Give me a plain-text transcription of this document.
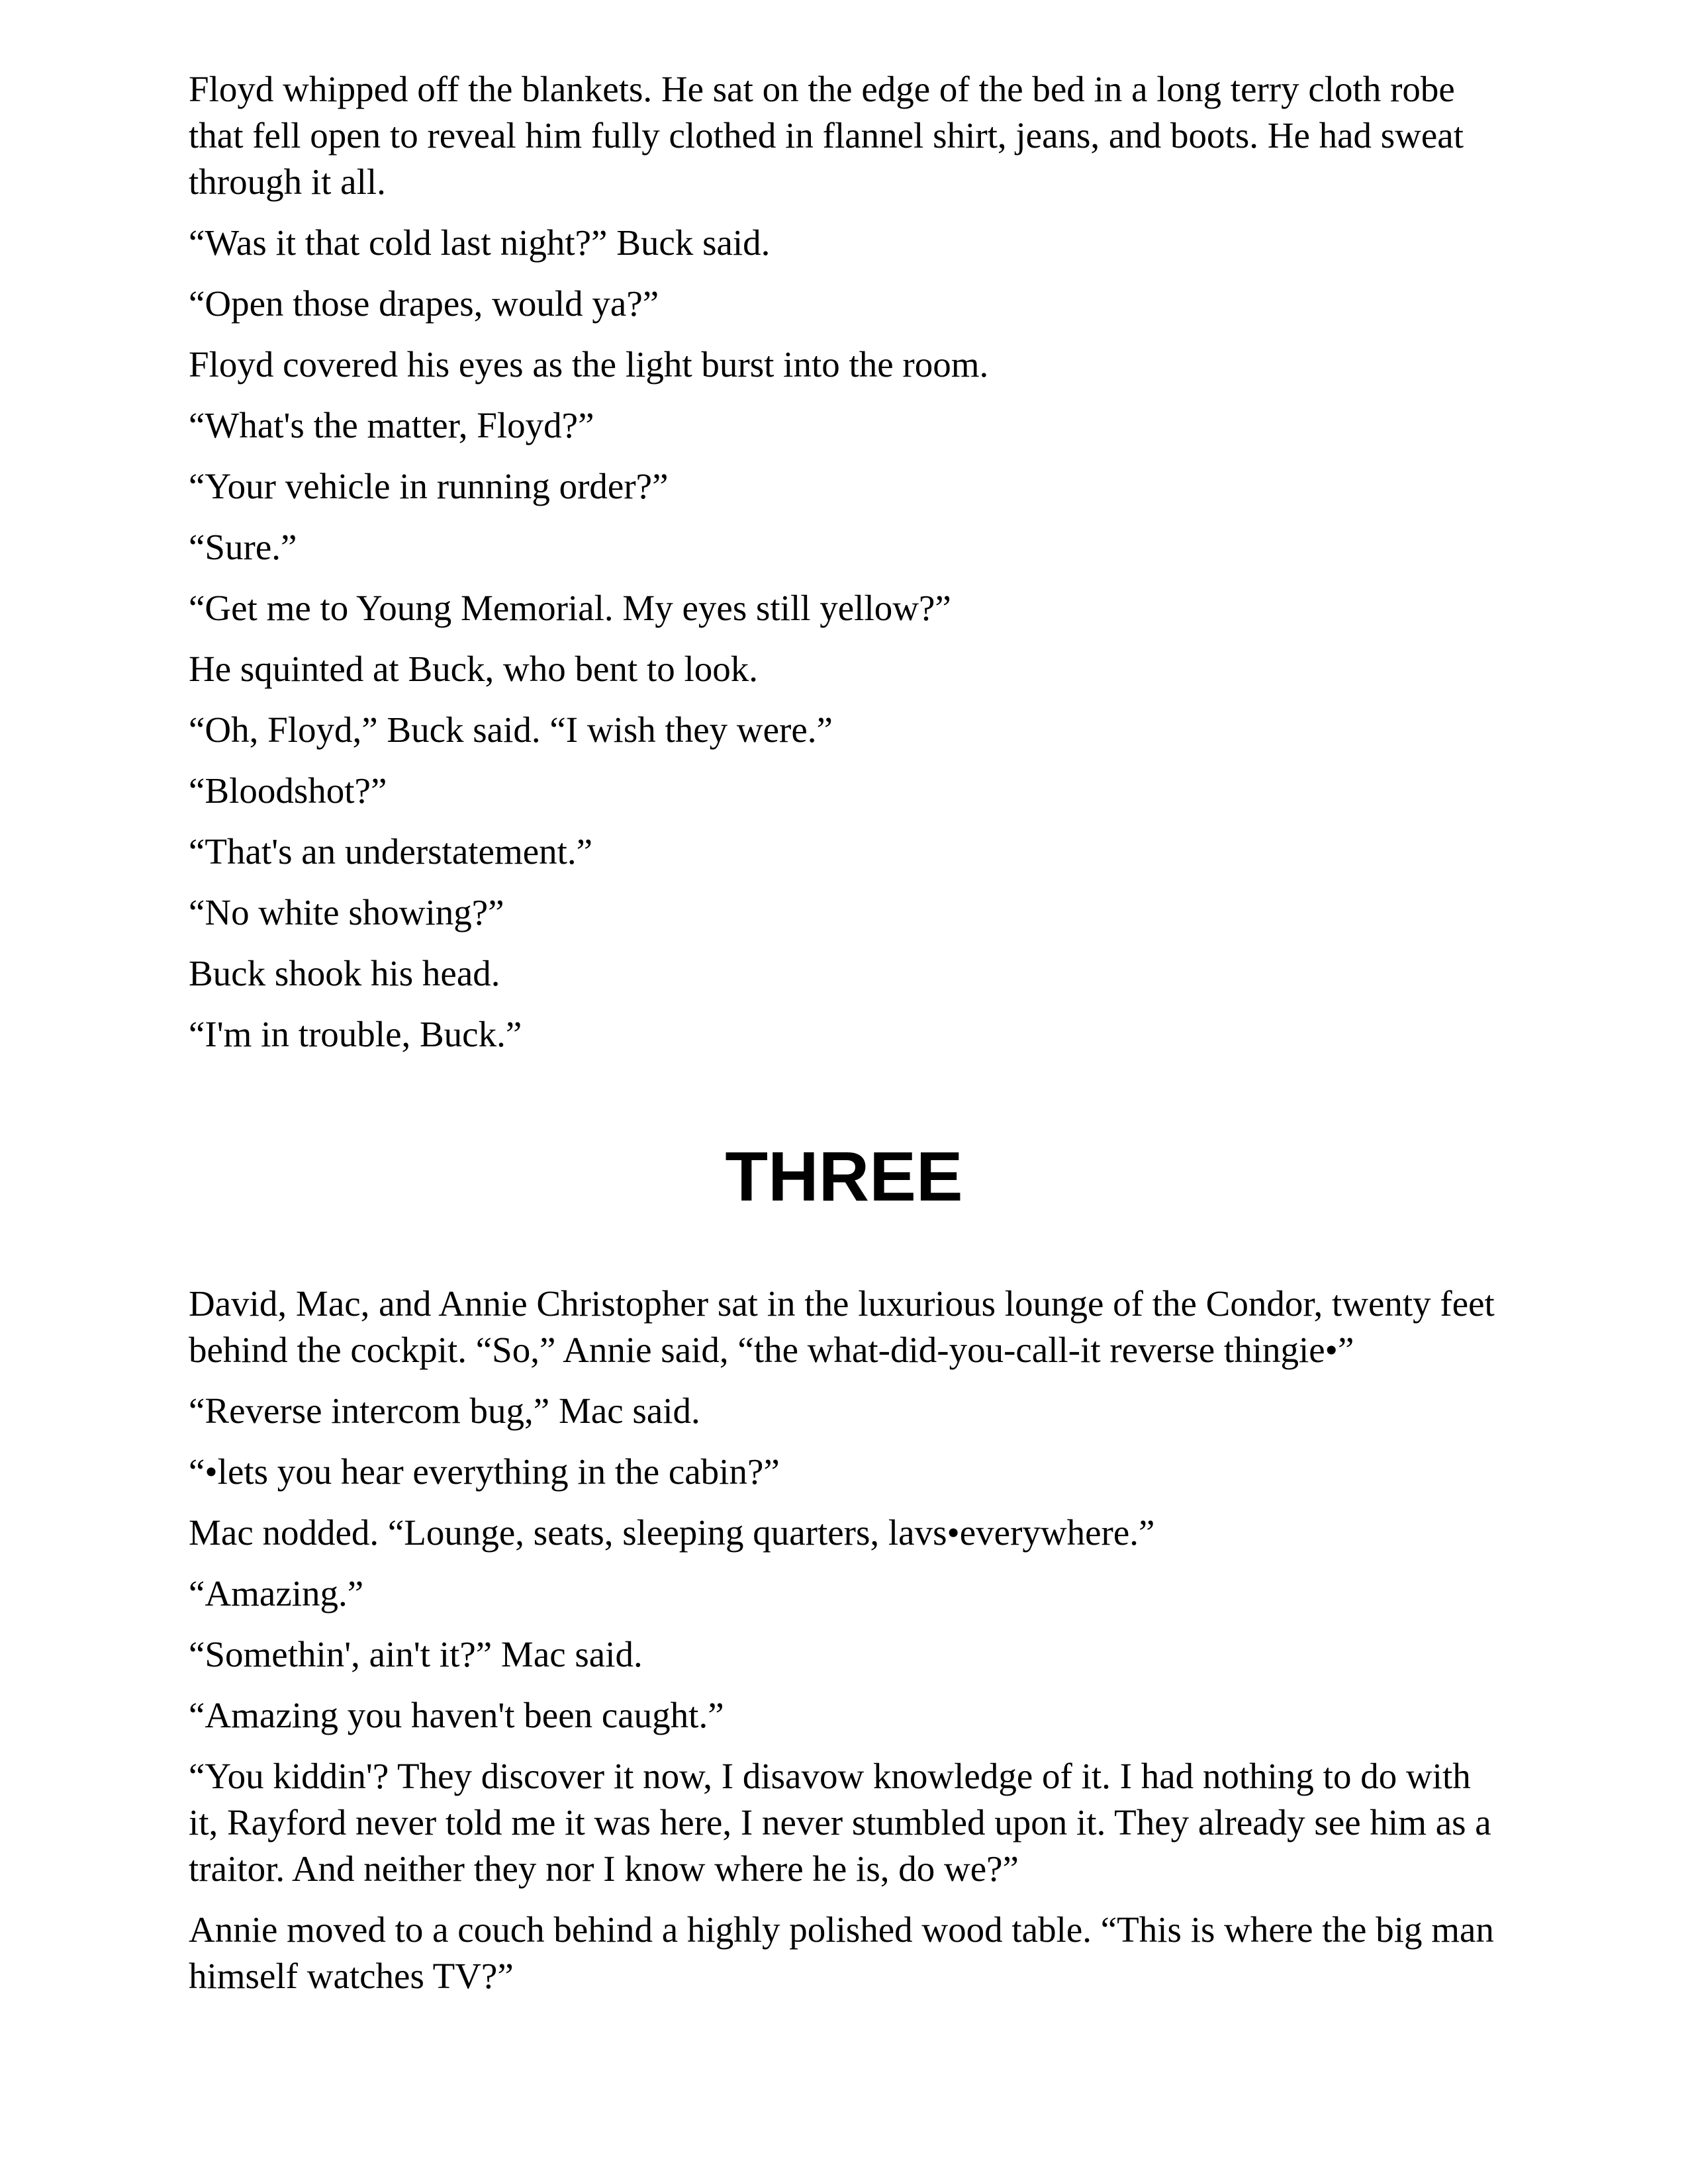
Floyd whipped off the blankets. He sat on the edge of the bed in a long terry cloth robe that fell open to reveal him fully clothed in flannel shirt, jeans, and boots. He had sweat through it all.

“Was it that cold last night?” Buck said.

“Open those drapes, would ya?”

Floyd covered his eyes as the light burst into the room.

“What's the matter, Floyd?”

“Your vehicle in running order?”

“Sure.”

“Get me to Young Memorial. My eyes still yellow?”

He squinted at Buck, who bent to look.

“Oh, Floyd,” Buck said. “I wish they were.”

“Bloodshot?”

“That's an understatement.”

“No white showing?”

Buck shook his head.

“I'm in trouble, Buck.”

THREE

David, Mac, and Annie Christopher sat in the luxurious lounge of the Condor, twenty feet behind the cockpit. “So,” Annie said, “the what-did-you-call-it reverse thingie•”

“Reverse intercom bug,” Mac said.

“•lets you hear everything in the cabin?”

Mac nodded. “Lounge, seats, sleeping quarters, lavs•everywhere.”

“Amazing.”

“Somethin', ain't it?” Mac said.

“Amazing you haven't been caught.”

“You kiddin'? They discover it now, I disavow knowledge of it. I had nothing to do with it, Rayford never told me it was here, I never stumbled upon it. They already see him as a traitor. And neither they nor I know where he is, do we?”

Annie moved to a couch behind a highly polished wood table. “This is where the big man himself watches TV?”
